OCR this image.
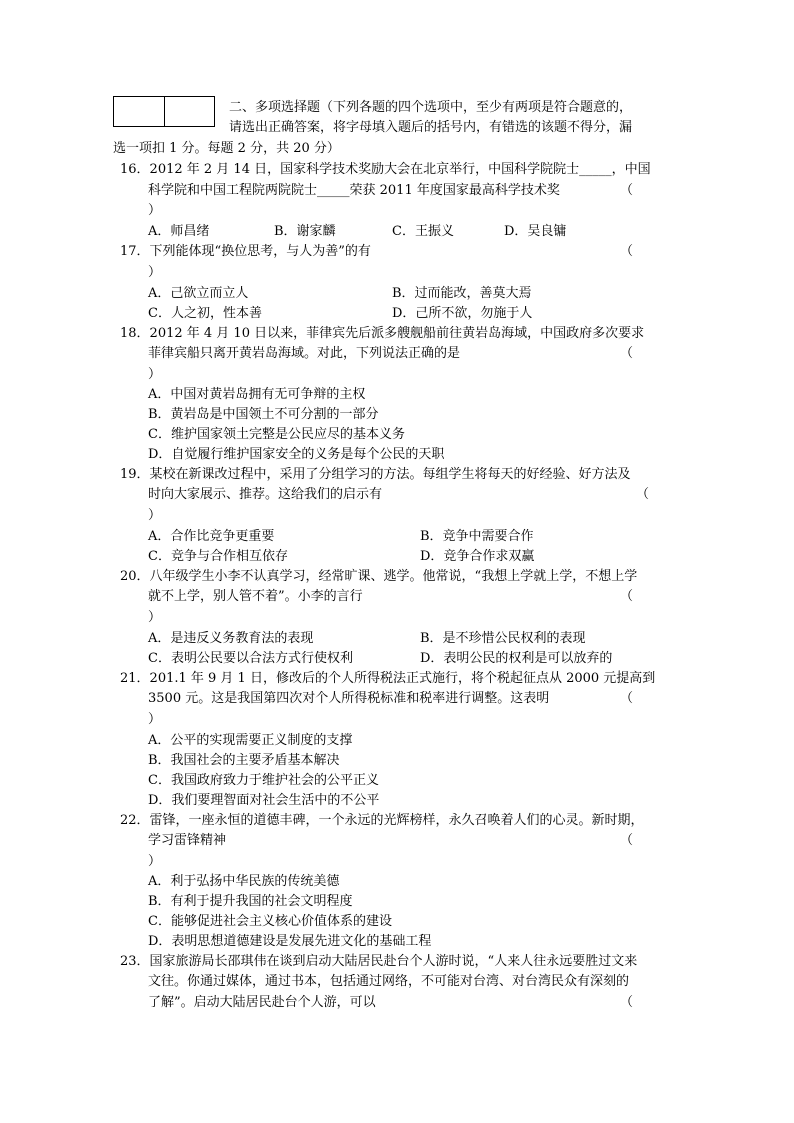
二、多项选择题（下列各题的四个选项中，至少有两项是符合题意的，
请选出正确答案，将字母填入题后的括号内，有错选的该题不得分，漏
选一项扣 1 分。每题 2 分，共 20 分）
16．2012 年 2 月 14 日，国家科学技术奖励大会在北京举行，中国科学院院士_____，中国
科学院和中国工程院两院院士_____荣获 2011 年度国家最高科学技术奖	（
）
A．师昌绪	B．谢家麟	C．王振义	D．吴良镛
17．下列能体现“换位思考，与人为善”的有	（
）
A．己欲立而立人	B．过而能改，善莫大焉
C．人之初，性本善	D．己所不欲，勿施于人
18．2012 年 4 月 10 日以来，菲律宾先后派多艘舰船前往黄岩岛海域，中国政府多次要求
菲律宾船只离开黄岩岛海域。对此，下列说法正确的是	（
）
A．中国对黄岩岛拥有无可争辩的主权
B．黄岩岛是中国领土不可分割的一部分
C．维护国家领土完整是公民应尽的基本义务
D．自觉履行维护国家安全的义务是每个公民的天职
19．某校在新课改过程中，采用了分组学习的方法。每组学生将每天的好经验、好方法及
时向大家展示、推荐。这给我们的启示有	（
）
A．合作比竞争更重要	B．竞争中需要合作
C．竞争与合作相互依存	D．竞争合作求双赢
20．八年级学生小李不认真学习，经常旷课、逃学。他常说，“我想上学就上学，不想上学
就不上学，别人管不着”。小李的言行	（
）
A．是违反义务教育法的表现	B．是不珍惜公民权利的表现
C．表明公民要以合法方式行使权利	D．表明公民的权利是可以放弃的
21．201.1 年 9 月 1 日，修改后的个人所得税法正式施行，将个税起征点从 2000 元提高到
3500 元。这是我国第四次对个人所得税标准和税率进行调整。这表明	（
）
A．公平的实现需要正义制度的支撑
B．我国社会的主要矛盾基本解决
C．我国政府致力于维护社会的公平正义
D．我们要理智面对社会生活中的不公平
22．雷锋，一座永恒的道德丰碑，一个永远的光辉榜样，永久召唤着人们的心灵。新时期，
学习雷锋精神	（
）
A．利于弘扬中华民族的传统美德
B．有利于提升我国的社会文明程度
C．能够促进社会主义核心价值体系的建设
D．表明思想道德建设是发展先进文化的基础工程
23．国家旅游局长邵琪伟在谈到启动大陆居民赴台个人游时说，“人来人往永远要胜过文来
文往。你通过媒体，通过书本，包括通过网络，不可能对台湾、对台湾民众有深刻的
了解”。启动大陆居民赴台个人游，可以	（
